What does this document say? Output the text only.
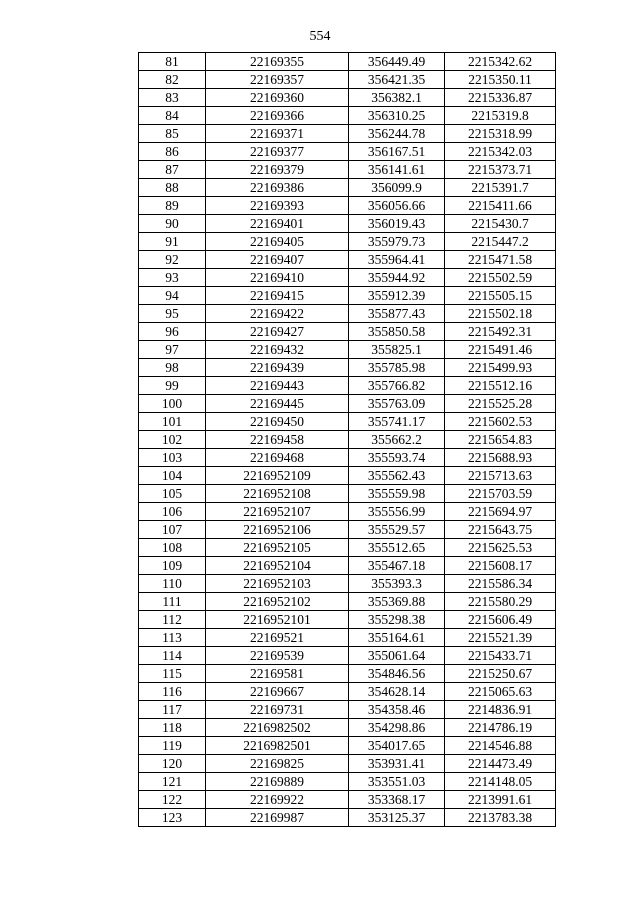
554
81	22169355	356449.49	2215342.62
82	22169357	356421.35	2215350.11
83	22169360	356382.1	2215336.87
84	22169366	356310.25	2215319.8
85	22169371	356244.78	2215318.99
86	22169377	356167.51	2215342.03
87	22169379	356141.61	2215373.71
88	22169386	356099.9	2215391.7
89	22169393	356056.66	2215411.66
90	22169401	356019.43	2215430.7
91	22169405	355979.73	2215447.2
92	22169407	355964.41	2215471.58
93	22169410	355944.92	2215502.59
94	22169415	355912.39	2215505.15
95	22169422	355877.43	2215502.18
96	22169427	355850.58	2215492.31
97	22169432	355825.1	2215491.46
98	22169439	355785.98	2215499.93
99	22169443	355766.82	2215512.16
100	22169445	355763.09	2215525.28
101	22169450	355741.17	2215602.53
102	22169458	355662.2	2215654.83
103	22169468	355593.74	2215688.93
104	2216952109	355562.43	2215713.63
105	2216952108	355559.98	2215703.59
106	2216952107	355556.99	2215694.97
107	2216952106	355529.57	2215643.75
108	2216952105	355512.65	2215625.53
109	2216952104	355467.18	2215608.17
110	2216952103	355393.3	2215586.34
111	2216952102	355369.88	2215580.29
112	2216952101	355298.38	2215606.49
113	22169521	355164.61	2215521.39
114	22169539	355061.64	2215433.71
115	22169581	354846.56	2215250.67
116	22169667	354628.14	2215065.63
117	22169731	354358.46	2214836.91
118	2216982502	354298.86	2214786.19
119	2216982501	354017.65	2214546.88
120	22169825	353931.41	2214473.49
121	22169889	353551.03	2214148.05
122	22169922	353368.17	2213991.61
123	22169987	353125.37	2213783.38
